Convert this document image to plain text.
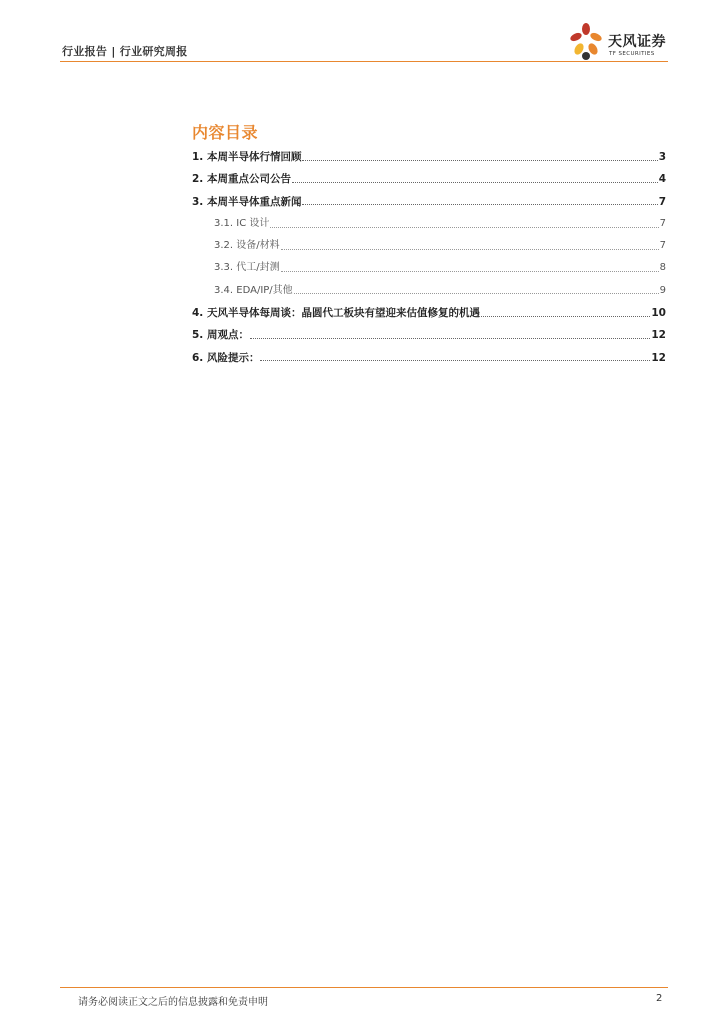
行业报告 | 行业研究周报
天风证券
TF SECURITIES
内容目录
1. 本周半导体行情回顾	3
2. 本周重点公司公告	4
3. 本周半导体重点新闻	7
3.1. IC 设计	7
3.2. 设备/材料	7
3.3. 代工/封测	8
3.4. EDA/IP/其他	9
4. 天风半导体每周谈：晶圆代工板块有望迎来估值修复的机遇	10
5. 周观点：	12
6. 风险提示：	12
请务必阅读正文之后的信息披露和免责申明	2
